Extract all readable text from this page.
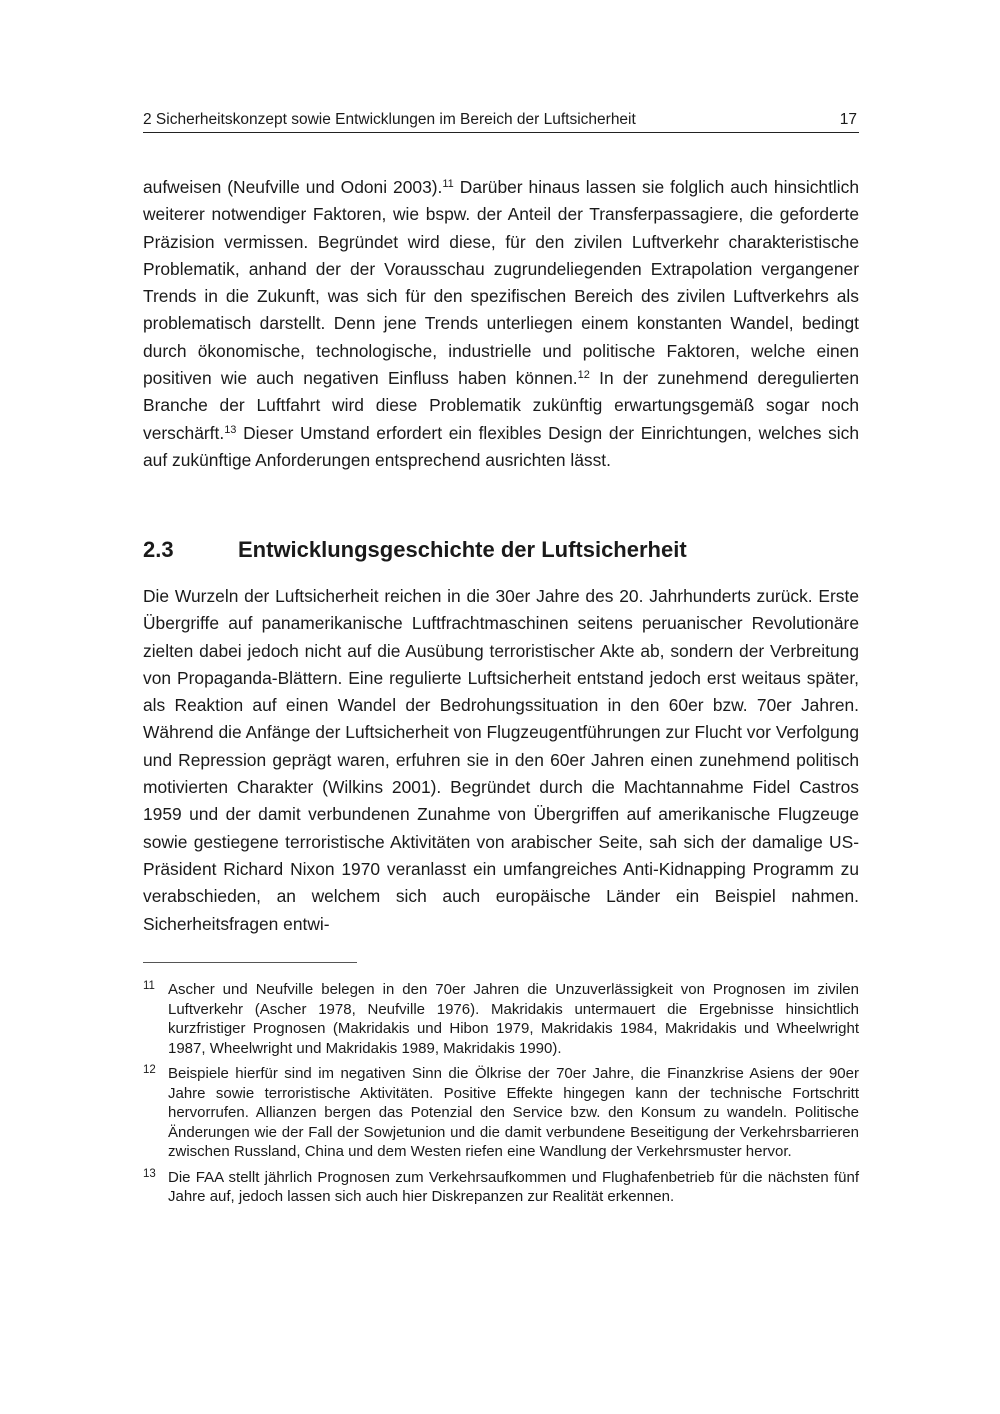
2 Sicherheitskonzept sowie Entwicklungen im Bereich der Luftsicherheit	17

aufweisen (Neufville und Odoni 2003).$^{11}$ Darüber hinaus lassen sie folglich auch hinsichtlich weiterer notwendiger Faktoren, wie bspw. der Anteil der Transferpassagiere, die geforderte Präzision vermissen. Begründet wird diese, für den zivilen Luftverkehr charakteristische Problematik, anhand der der Vorausschau zugrundeliegenden Extrapolation vergangener Trends in die Zukunft, was sich für den spezifischen Bereich des zivilen Luftverkehrs als problematisch darstellt. Denn jene Trends unterliegen einem konstanten Wandel, bedingt durch ökonomische, technologische, industrielle und politische Faktoren, welche einen positiven wie auch negativen Einfluss haben können.$^{12}$ In der zunehmend deregulierten Branche der Luftfahrt wird diese Problematik zukünftig erwartungsgemäß sogar noch verschärft.$^{13}$ Dieser Umstand erfordert ein flexibles Design der Einrichtungen, welches sich auf zukünftige Anforderungen entsprechend ausrichten lässt.

2.3	Entwicklungsgeschichte der Luftsicherheit

Die Wurzeln der Luftsicherheit reichen in die 30er Jahre des 20. Jahrhunderts zurück. Erste Übergriffe auf panamerikanische Luftfrachtmaschinen seitens peruanischer Revolutionäre zielten dabei jedoch nicht auf die Ausübung terroristischer Akte ab, sondern der Verbreitung von Propaganda-Blättern. Eine regulierte Luftsicherheit entstand jedoch erst weitaus später, als Reaktion auf einen Wandel der Bedrohungssituation in den 60er bzw. 70er Jahren. Während die Anfänge der Luftsicherheit von Flugzeugentführungen zur Flucht vor Verfolgung und Repression geprägt waren, erfuhren sie in den 60er Jahren einen zunehmend politisch motivierten Charakter (Wilkins 2001). Begründet durch die Machtannahme Fidel Castros 1959 und der damit verbundenen Zunahme von Übergriffen auf amerikanische Flugzeuge sowie gestiegene terroristische Aktivitäten von arabischer Seite, sah sich der damalige US-Präsident Richard Nixon 1970 veranlasst ein umfangreiches Anti-Kidnapping Programm zu verabschieden, an welchem sich auch europäische Länder ein Beispiel nahmen. Sicherheitsfragen entwi-

11 Ascher und Neufville belegen in den 70er Jahren die Unzuverlässigkeit von Prognosen im zivilen Luftverkehr (Ascher 1978, Neufville 1976). Makridakis untermauert die Ergebnisse hinsichtlich kurzfristiger Prognosen (Makridakis und Hibon 1979, Makridakis 1984, Makridakis und Wheelwright 1987, Wheelwright und Makridakis 1989, Makridakis 1990).
12 Beispiele hierfür sind im negativen Sinn die Ölkrise der 70er Jahre, die Finanzkrise Asiens der 90er Jahre sowie terroristische Aktivitäten. Positive Effekte hingegen kann der technische Fortschritt hervorrufen. Allianzen bergen das Potenzial den Service bzw. den Konsum zu wandeln. Politische Änderungen wie der Fall der Sowjetunion und die damit verbundene Beseitigung der Verkehrsbarrieren zwischen Russland, China und dem Westen riefen eine Wandlung der Verkehrsmuster hervor.
13 Die FAA stellt jährlich Prognosen zum Verkehrsaufkommen und Flughafenbetrieb für die nächsten fünf Jahre auf, jedoch lassen sich auch hier Diskrepanzen zur Realität erkennen.
